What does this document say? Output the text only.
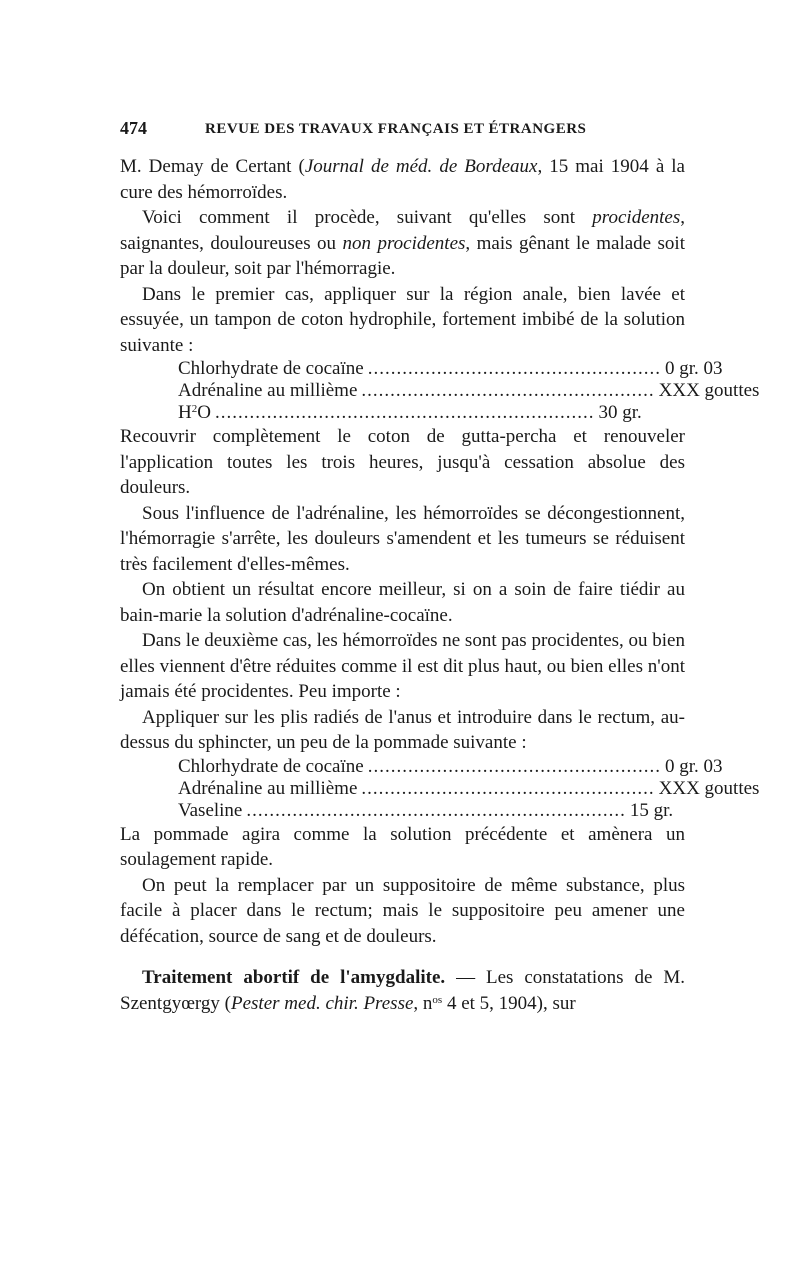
474	REVUE DES TRAVAUX FRANÇAIS ET ÉTRANGERS

M. Demay de Certant (Journal de méd. de Bordeaux, 15 mai 1904 à la cure des hémorroïdes.

Voici comment il procède, suivant qu'elles sont procidentes, saignantes, douloureuses ou non procidentes, mais gênant le malade soit par la douleur, soit par l'hémorragie.

Dans le premier cas, appliquer sur la région anale, bien lavée et essuyée, un tampon de coton hydrophile, fortement imbibé de la solution suivante :

Chlorhydrate de cocaïne ................................................... 0 gr. 03
Adrénaline au millième ................................................... XXX gouttes
$H^2O$ .................................................................. 30 gr.

Recouvrir complètement le coton de gutta-percha et renouveler l'application toutes les trois heures, jusqu'à cessation absolue des douleurs.

Sous l'influence de l'adrénaline, les hémorroïdes se décongestionnent, l'hémorragie s'arrête, les douleurs s'amendent et les tumeurs se réduisent très facilement d'elles-mêmes.

On obtient un résultat encore meilleur, si on a soin de faire tiédir au bain-marie la solution d'adrénaline-cocaïne.

Dans le deuxième cas, les hémorroïdes ne sont pas procidentes, ou bien elles viennent d'être réduites comme il est dit plus haut, ou bien elles n'ont jamais été procidentes. Peu importe :

Appliquer sur les plis radiés de l'anus et introduire dans le rectum, au-dessus du sphincter, un peu de la pommade suivante :

Chlorhydrate de cocaïne ................................................... 0 gr. 03
Adrénaline au millième ................................................... XXX gouttes
Vaseline .................................................................. 15 gr.

La pommade agira comme la solution précédente et amènera un soulagement rapide.

On peut la remplacer par un suppositoire de même substance, plus facile à placer dans le rectum; mais le suppositoire peu amener une défécation, source de sang et de douleurs.

Traitement abortif de l'amygdalite. — Les constatations de M. Szentgyœrgy (Pester med. chir. Presse, $n^{os}$ 4 et 5, 1904), sur
